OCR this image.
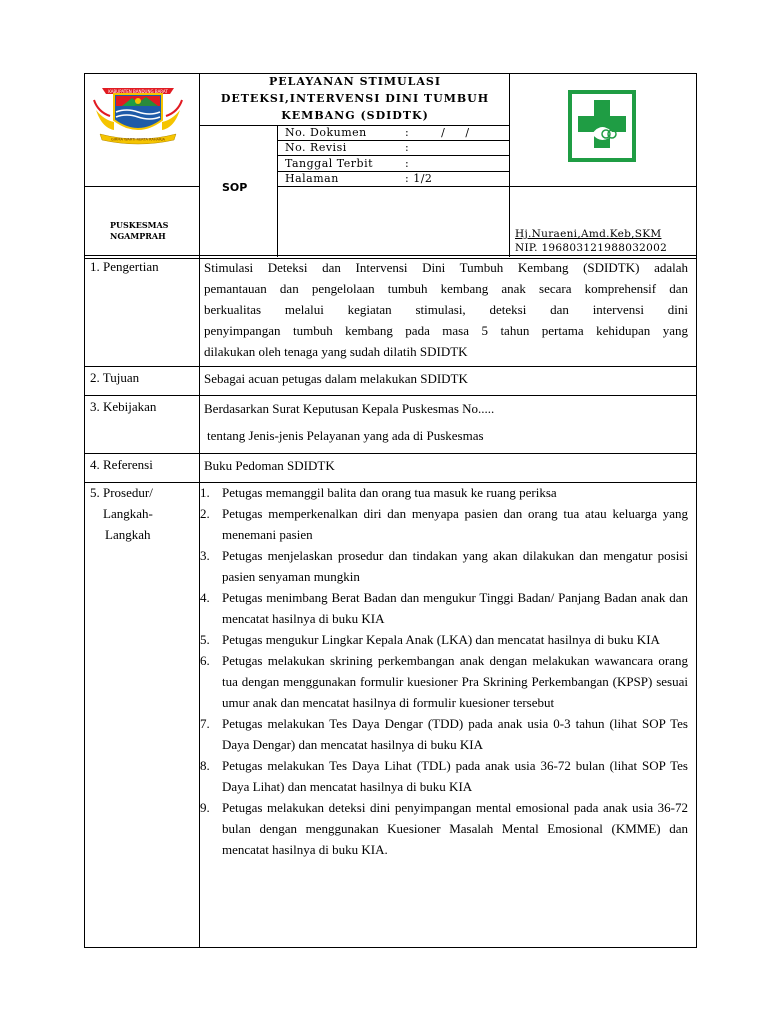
KABUPATEN BANDUNG BARAT
GIRMA WARTI RERTA RAHARJA
PUSKESMAS
NGAMPRAH
PELAYANAN STIMULASI
DETEKSI,INTERVENSI DINI TUMBUH
KEMBANG (SDIDTK)
SOP
No. Dokumen	:        /     /
No. Revisi	:
Tanggal Terbit	:
Halaman	: 1/2
Hj.Nuraeni,Amd.Keb,SKM
NIP. 196803121988032002
1. Pengertian	Stimulasi Deteksi dan Intervensi Dini Tumbuh Kembang (SDIDTK) adalah
pemantauan dan pengelolaan tumbuh kembang anak secara komprehensif dan
berkualitas melalui kegiatan stimulasi, deteksi dan intervensi dini
penyimpangan tumbuh kembang pada masa 5 tahun pertama kehidupan yang
dilakukan oleh tenaga yang sudah dilatih SDIDTK
2. Tujuan	Sebagai acuan petugas dalam melakukan SDIDTK
3. Kebijakan	Berdasarkan Surat Keputusan Kepala Puskesmas No.....
tentang Jenis-jenis Pelayanan yang ada di Puskesmas
4. Referensi	Buku Pedoman SDIDTK
5. Prosedur/
Langkah-
Langkah
1. Petugas memanggil balita dan orang tua masuk ke ruang periksa
2. Petugas memperkenalkan diri dan menyapa pasien dan orang tua atau keluarga yang menemani pasien
3. Petugas menjelaskan prosedur dan tindakan yang akan dilakukan dan mengatur posisi pasien senyaman mungkin
4. Petugas menimbang Berat Badan dan mengukur Tinggi Badan/ Panjang Badan anak dan mencatat hasilnya di buku KIA
5. Petugas mengukur Lingkar Kepala Anak (LKA) dan mencatat hasilnya di buku KIA
6. Petugas melakukan skrining perkembangan anak dengan melakukan wawancara orang tua dengan menggunakan formulir kuesioner Pra Skrining Perkembangan (KPSP) sesuai umur anak dan mencatat hasilnya di formulir kuesioner tersebut
7. Petugas melakukan Tes Daya Dengar (TDD) pada anak usia 0-3 tahun (lihat SOP Tes Daya Dengar) dan mencatat hasilnya di buku KIA
8. Petugas melakukan Tes Daya Lihat (TDL) pada anak usia 36-72 bulan (lihat SOP Tes Daya Lihat) dan mencatat hasilnya di buku KIA
9. Petugas melakukan deteksi dini penyimpangan mental emosional pada anak usia 36-72 bulan dengan menggunakan Kuesioner Masalah Mental Emosional (KMME) dan mencatat hasilnya di buku KIA.
